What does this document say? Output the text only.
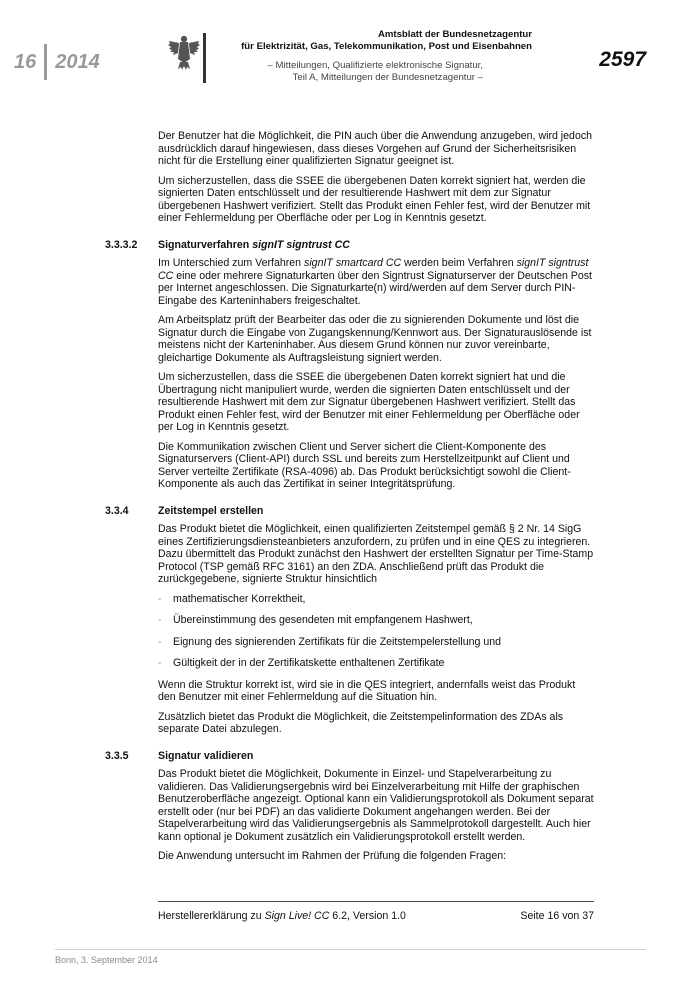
16 2014
Amtsblatt der Bundesnetzagentur
für Elektrizität, Gas, Telekommunikation, Post und Eisenbahnen
– Mitteilungen, Qualifizierte elektronische Signatur,
Teil A, Mitteilungen der Bundesnetzagentur –
2597

Der Benutzer hat die Möglichkeit, die PIN auch über die Anwendung anzugeben, wird jedoch ausdrücklich darauf hingewiesen, dass dieses Vorgehen auf Grund der Sicherheitsrisiken nicht für die Erstellung einer qualifizierten Signatur geeignet ist.

Um sicherzustellen, dass die SSEE die übergebenen Daten korrekt signiert hat, werden die signierten Daten entschlüsselt und der resultierende Hashwert mit dem zur Signatur übergebenen Hashwert verifiziert. Stellt das Produkt einen Fehler fest, wird der Benutzer mit einer Fehlermeldung per Oberfläche oder per Log in Kenntnis gesetzt.

3.3.3.2	Signaturverfahren signIT signtrust CC

Im Unterschied zum Verfahren signIT smartcard CC werden beim Verfahren signIT signtrust CC eine oder mehrere Signaturkarten über den Signtrust Signaturserver der Deutschen Post per Internet angeschlossen. Die Signaturkarte(n) wird/werden auf dem Server durch PIN-Eingabe des Karteninhabers freigeschaltet.

Am Arbeitsplatz prüft der Bearbeiter das oder die zu signierenden Dokumente und löst die Signatur durch die Eingabe von Zugangskennung/Kennwort aus. Der Signaturauslösende ist meistens nicht der Karteninhaber. Aus diesem Grund können nur zuvor vereinbarte, gleichartige Dokumente als Auftragsleistung signiert werden.

Um sicherzustellen, dass die SSEE die übergebenen Daten korrekt signiert hat und die Übertragung nicht manipuliert wurde, werden die signierten Daten entschlüsselt und der resultierende Hashwert mit dem zur Signatur übergebenen Hashwert verifiziert. Stellt das Produkt einen Fehler fest, wird der Benutzer mit einer Fehlermeldung per Oberfläche oder per Log in Kenntnis gesetzt.

Die Kommunikation zwischen Client und Server sichert die Client-Komponente des Signaturservers (Client-API) durch SSL und bereits zum Herstellzeitpunkt auf Client und Server verteilte Zertifikate (RSA-4096) ab. Das Produkt berücksichtigt sowohl die Client-Komponente als auch das Zertifikat in seiner Integritätsprüfung.

3.3.4	Zeitstempel erstellen

Das Produkt bietet die Möglichkeit, einen qualifizierten Zeitstempel gemäß § 2 Nr. 14 SigG eines Zertifizierungsdiensteanbieters anzufordern, zu prüfen und in eine QES zu integrieren. Dazu übermittelt das Produkt zunächst den Hashwert der erstellten Signatur per Time-Stamp Protocol (TSP gemäß RFC 3161) an den ZDA. Anschließend prüft das Produkt die zurückgegebene, signierte Struktur hinsichtlich

- mathematischer Korrektheit,
- Übereinstimmung des gesendeten mit empfangenem Hashwert,
- Eignung des signierenden Zertifikats für die Zeitstempelerstellung und
- Gültigkeit der in der Zertifikatskette enthaltenen Zertifikate

Wenn die Struktur korrekt ist, wird sie in die QES integriert, andernfalls weist das Produkt den Benutzer mit einer Fehlermeldung auf die Situation hin.

Zusätzlich bietet das Produkt die Möglichkeit, die Zeitstempelinformation des ZDAs als separate Datei abzulegen.

3.3.5	Signatur validieren

Das Produkt bietet die Möglichkeit, Dokumente in Einzel- und Stapelverarbeitung zu validieren. Das Validierungsergebnis wird bei Einzelverarbeitung mit Hilfe der graphischen Benutzeroberfläche angezeigt. Optional kann ein Validierungsprotokoll als Dokument separat erstellt oder (nur bei PDF) an das validierte Dokument angehangen werden. Bei der Stapelverarbeitung wird das Validierungsergebnis als Sammelprotokoll dargestellt. Auch hier kann optional je Dokument zusätzlich ein Validierungsprotokoll erstellt werden.

Die Anwendung untersucht im Rahmen der Prüfung die folgenden Fragen:

Herstellererklärung zu Sign Live! CC 6.2, Version 1.0	Seite 16 von 37
Bonn, 3. September 2014
